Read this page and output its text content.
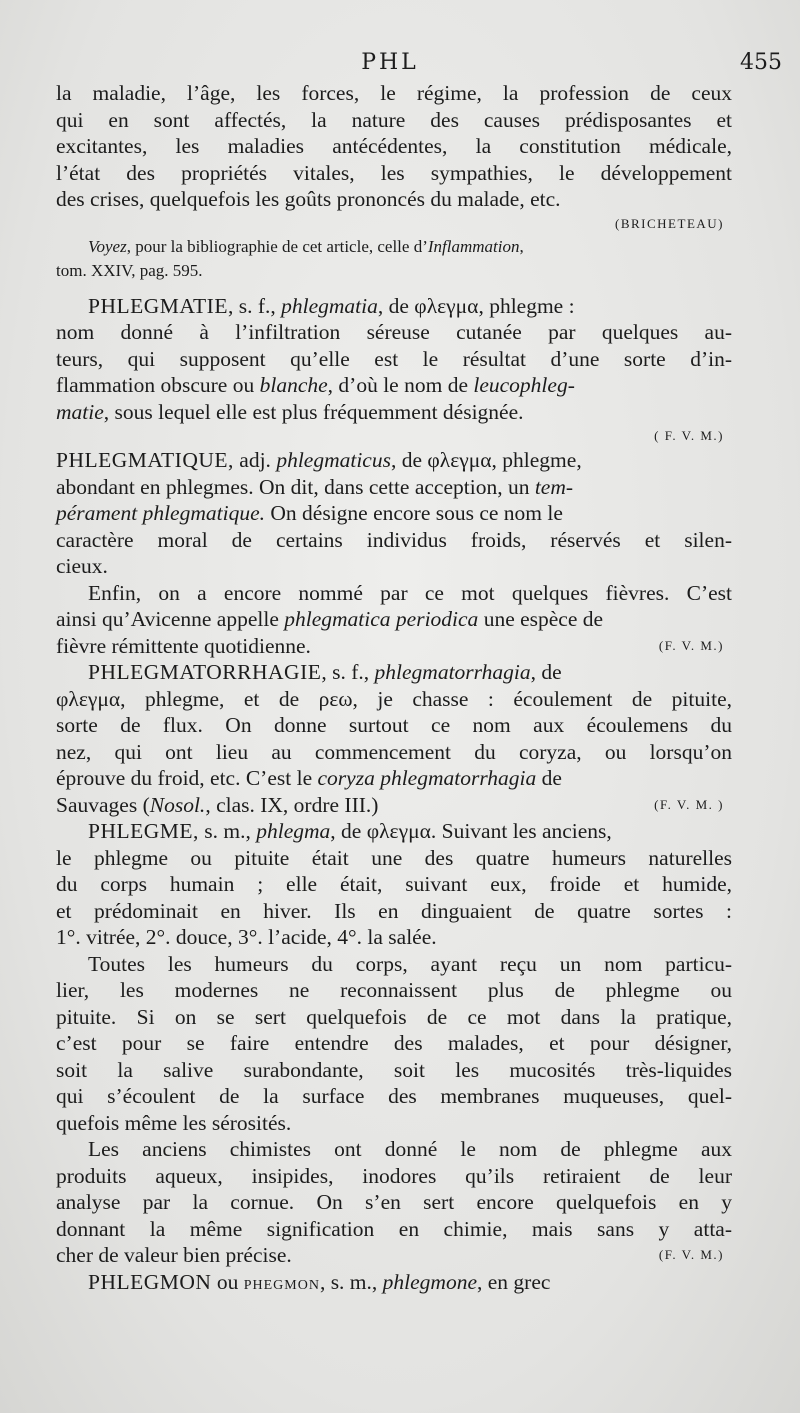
PHL	455
la maladie, l’âge, les forces, le régime, la profession de ceux
qui en sont affectés, la nature des causes prédisposantes et
excitantes, les maladies antécédentes, la constitution médicale,
l’état des propriétés vitales, les sympathies, le développement
des crises, quelquefois les goûts prononcés du malade, etc.
(BRICHETEAU)
Voyez, pour la bibliographie de cet article, celle d’Inflammation,
tom. XXIV, pag. 595.
PHLEGMATIE, s. f., phlegmatia, de φλεγμα, phlegme :
nom donné à l’infiltration séreuse cutanée par quelques au-
teurs, qui supposent qu’elle est le résultat d’une sorte d’in-
flammation obscure ou blanche, d’où le nom de leucophleg-
matie, sous lequel elle est plus fréquemment désignée.
( F. V. M.)
PHLEGMATIQUE, adj. phlegmaticus, de φλεγμα, phlegme,
abondant en phlegmes. On dit, dans cette acception, un tem-
pérament phlegmatique. On désigne encore sous ce nom le
caractère moral de certains individus froids, réservés et silen-
cieux.
Enfin, on a encore nommé par ce mot quelques fièvres. C’est
ainsi qu’Avicenne appelle phlegmatica periodica une espèce de
fièvre rémittente quotidienne.	(F. V. M.)
PHLEGMATORRHAGIE, s. f., phlegmatorrhagia, de
φλεγμα, phlegme, et de ρεω, je chasse : écoulement de pituite,
sorte de flux. On donne surtout ce nom aux écoulemens du
nez, qui ont lieu au commencement du coryza, ou lorsqu’on
éprouve du froid, etc. C’est le coryza phlegmatorrhagia de
Sauvages (Nosol., clas. IX, ordre III.)	(F. V. M. )
PHLEGME, s. m., phlegma, de φλεγμα. Suivant les anciens,
le phlegme ou pituite était une des quatre humeurs naturelles
du corps humain ; elle était, suivant eux, froide et humide,
et prédominait en hiver. Ils en dinguaient de quatre sortes :
1°. vitrée, 2°. douce, 3°. l’acide, 4°. la salée.
Toutes les humeurs du corps, ayant reçu un nom particu-
lier, les modernes ne reconnaissent plus de phlegme ou
pituite. Si on se sert quelquefois de ce mot dans la pratique,
c’est pour se faire entendre des malades, et pour désigner,
soit la salive surabondante, soit les mucosités très-liquides
qui s’écoulent de la surface des membranes muqueuses, quel-
quefois même les sérosités.
Les anciens chimistes ont donné le nom de phlegme aux
produits aqueux, insipides, inodores qu’ils retiraient de leur
analyse par la cornue. On s’en sert encore quelquefois en y
donnant la même signification en chimie, mais sans y atta-
cher de valeur bien précise.	(F. V. M.)
PHLEGMON ou PHEGMON, s. m., phlegmone, en grec
